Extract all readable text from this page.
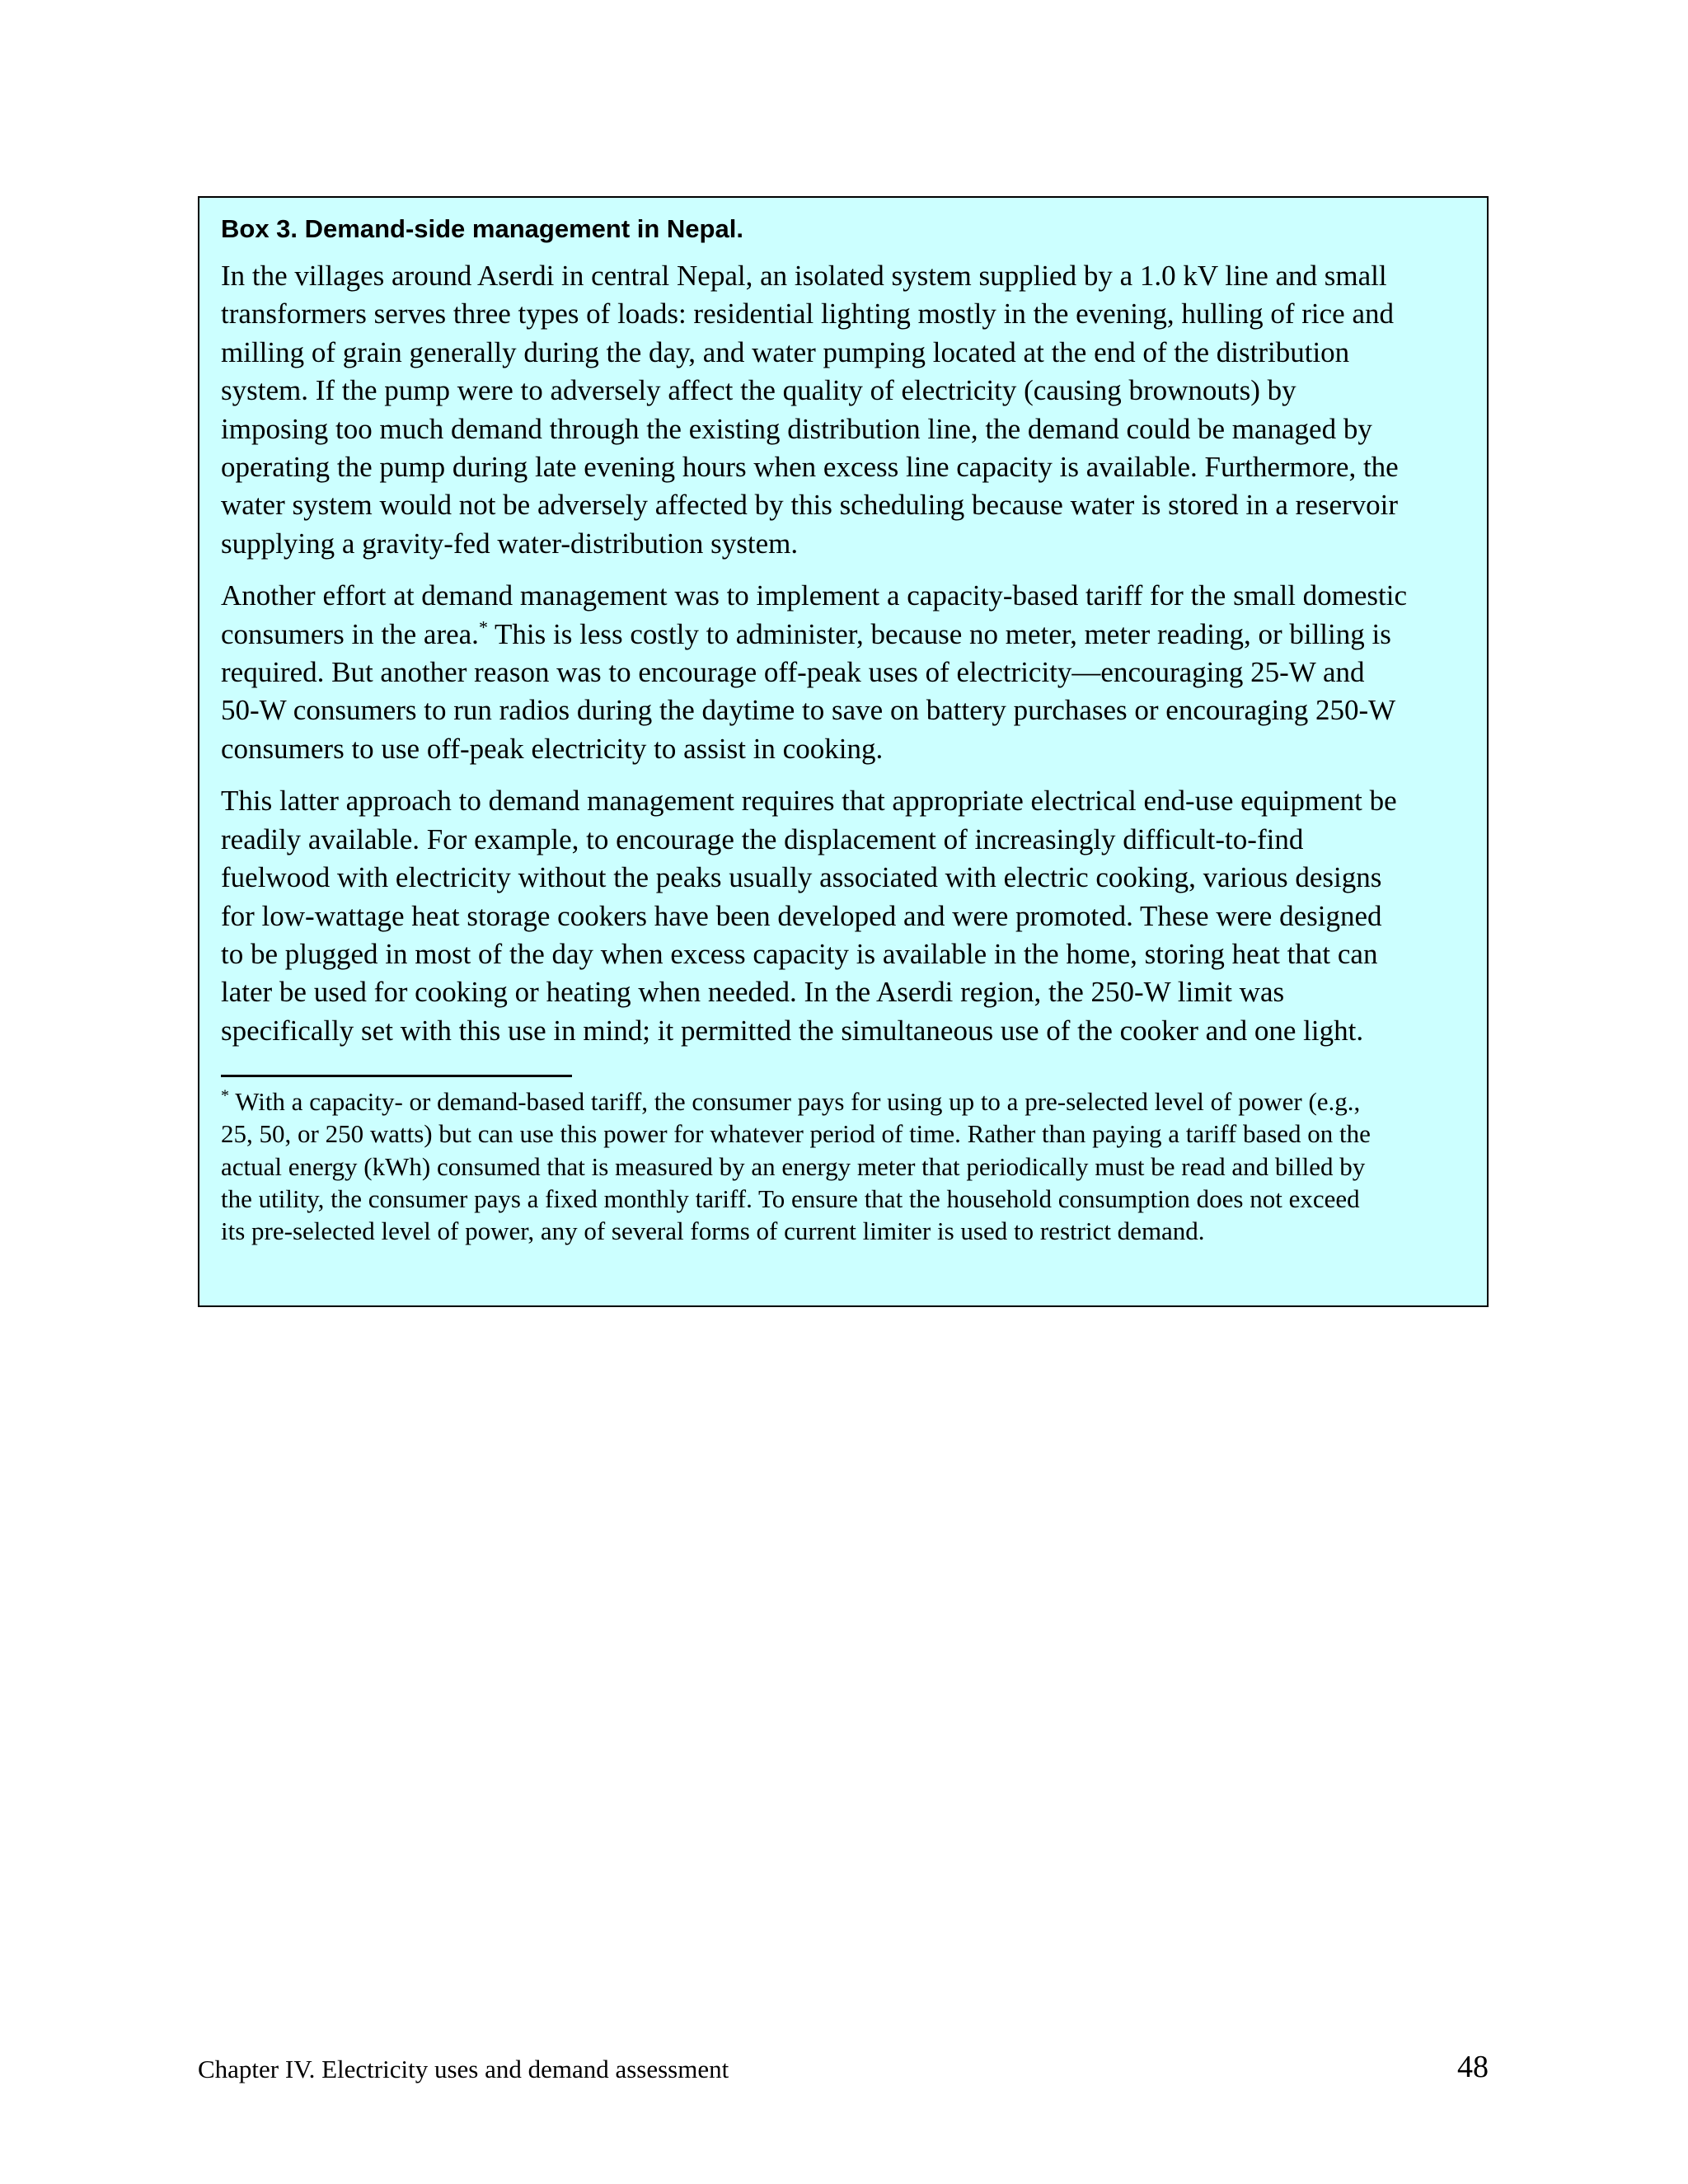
Box 3. Demand-side management in Nepal.

In the villages around Aserdi in central Nepal, an isolated system supplied by a 1.0 kV line and small
transformers serves three types of loads: residential lighting mostly in the evening, hulling of rice and
milling of grain generally during the day, and water pumping located at the end of the distribution
system. If the pump were to adversely affect the quality of electricity (causing brownouts) by
imposing too much demand through the existing distribution line, the demand could be managed by
operating the pump during late evening hours when excess line capacity is available. Furthermore, the
water system would not be adversely affected by this scheduling because water is stored in a reservoir
supplying a gravity-fed water-distribution system.

Another effort at demand management was to implement a capacity-based tariff for the small domestic
consumers in the area.* This is less costly to administer, because no meter, meter reading, or billing is
required. But another reason was to encourage off-peak uses of electricity—encouraging 25-W and
50-W consumers to run radios during the daytime to save on battery purchases or encouraging 250-W
consumers to use off-peak electricity to assist in cooking.

This latter approach to demand management requires that appropriate electrical end-use equipment be
readily available. For example, to encourage the displacement of increasingly difficult-to-find
fuelwood with electricity without the peaks usually associated with electric cooking, various designs
for low-wattage heat storage cookers have been developed and were promoted. These were designed
to be plugged in most of the day when excess capacity is available in the home, storing heat that can
later be used for cooking or heating when needed. In the Aserdi region, the 250-W limit was
specifically set with this use in mind; it permitted the simultaneous use of the cooker and one light.

* With a capacity- or demand-based tariff, the consumer pays for using up to a pre-selected level of power (e.g.,
25, 50, or 250 watts) but can use this power for whatever period of time. Rather than paying a tariff based on the
actual energy (kWh) consumed that is measured by an energy meter that periodically must be read and billed by
the utility, the consumer pays a fixed monthly tariff. To ensure that the household consumption does not exceed
its pre-selected level of power, any of several forms of current limiter is used to restrict demand.

Chapter IV. Electricity uses and demand assessment	48
